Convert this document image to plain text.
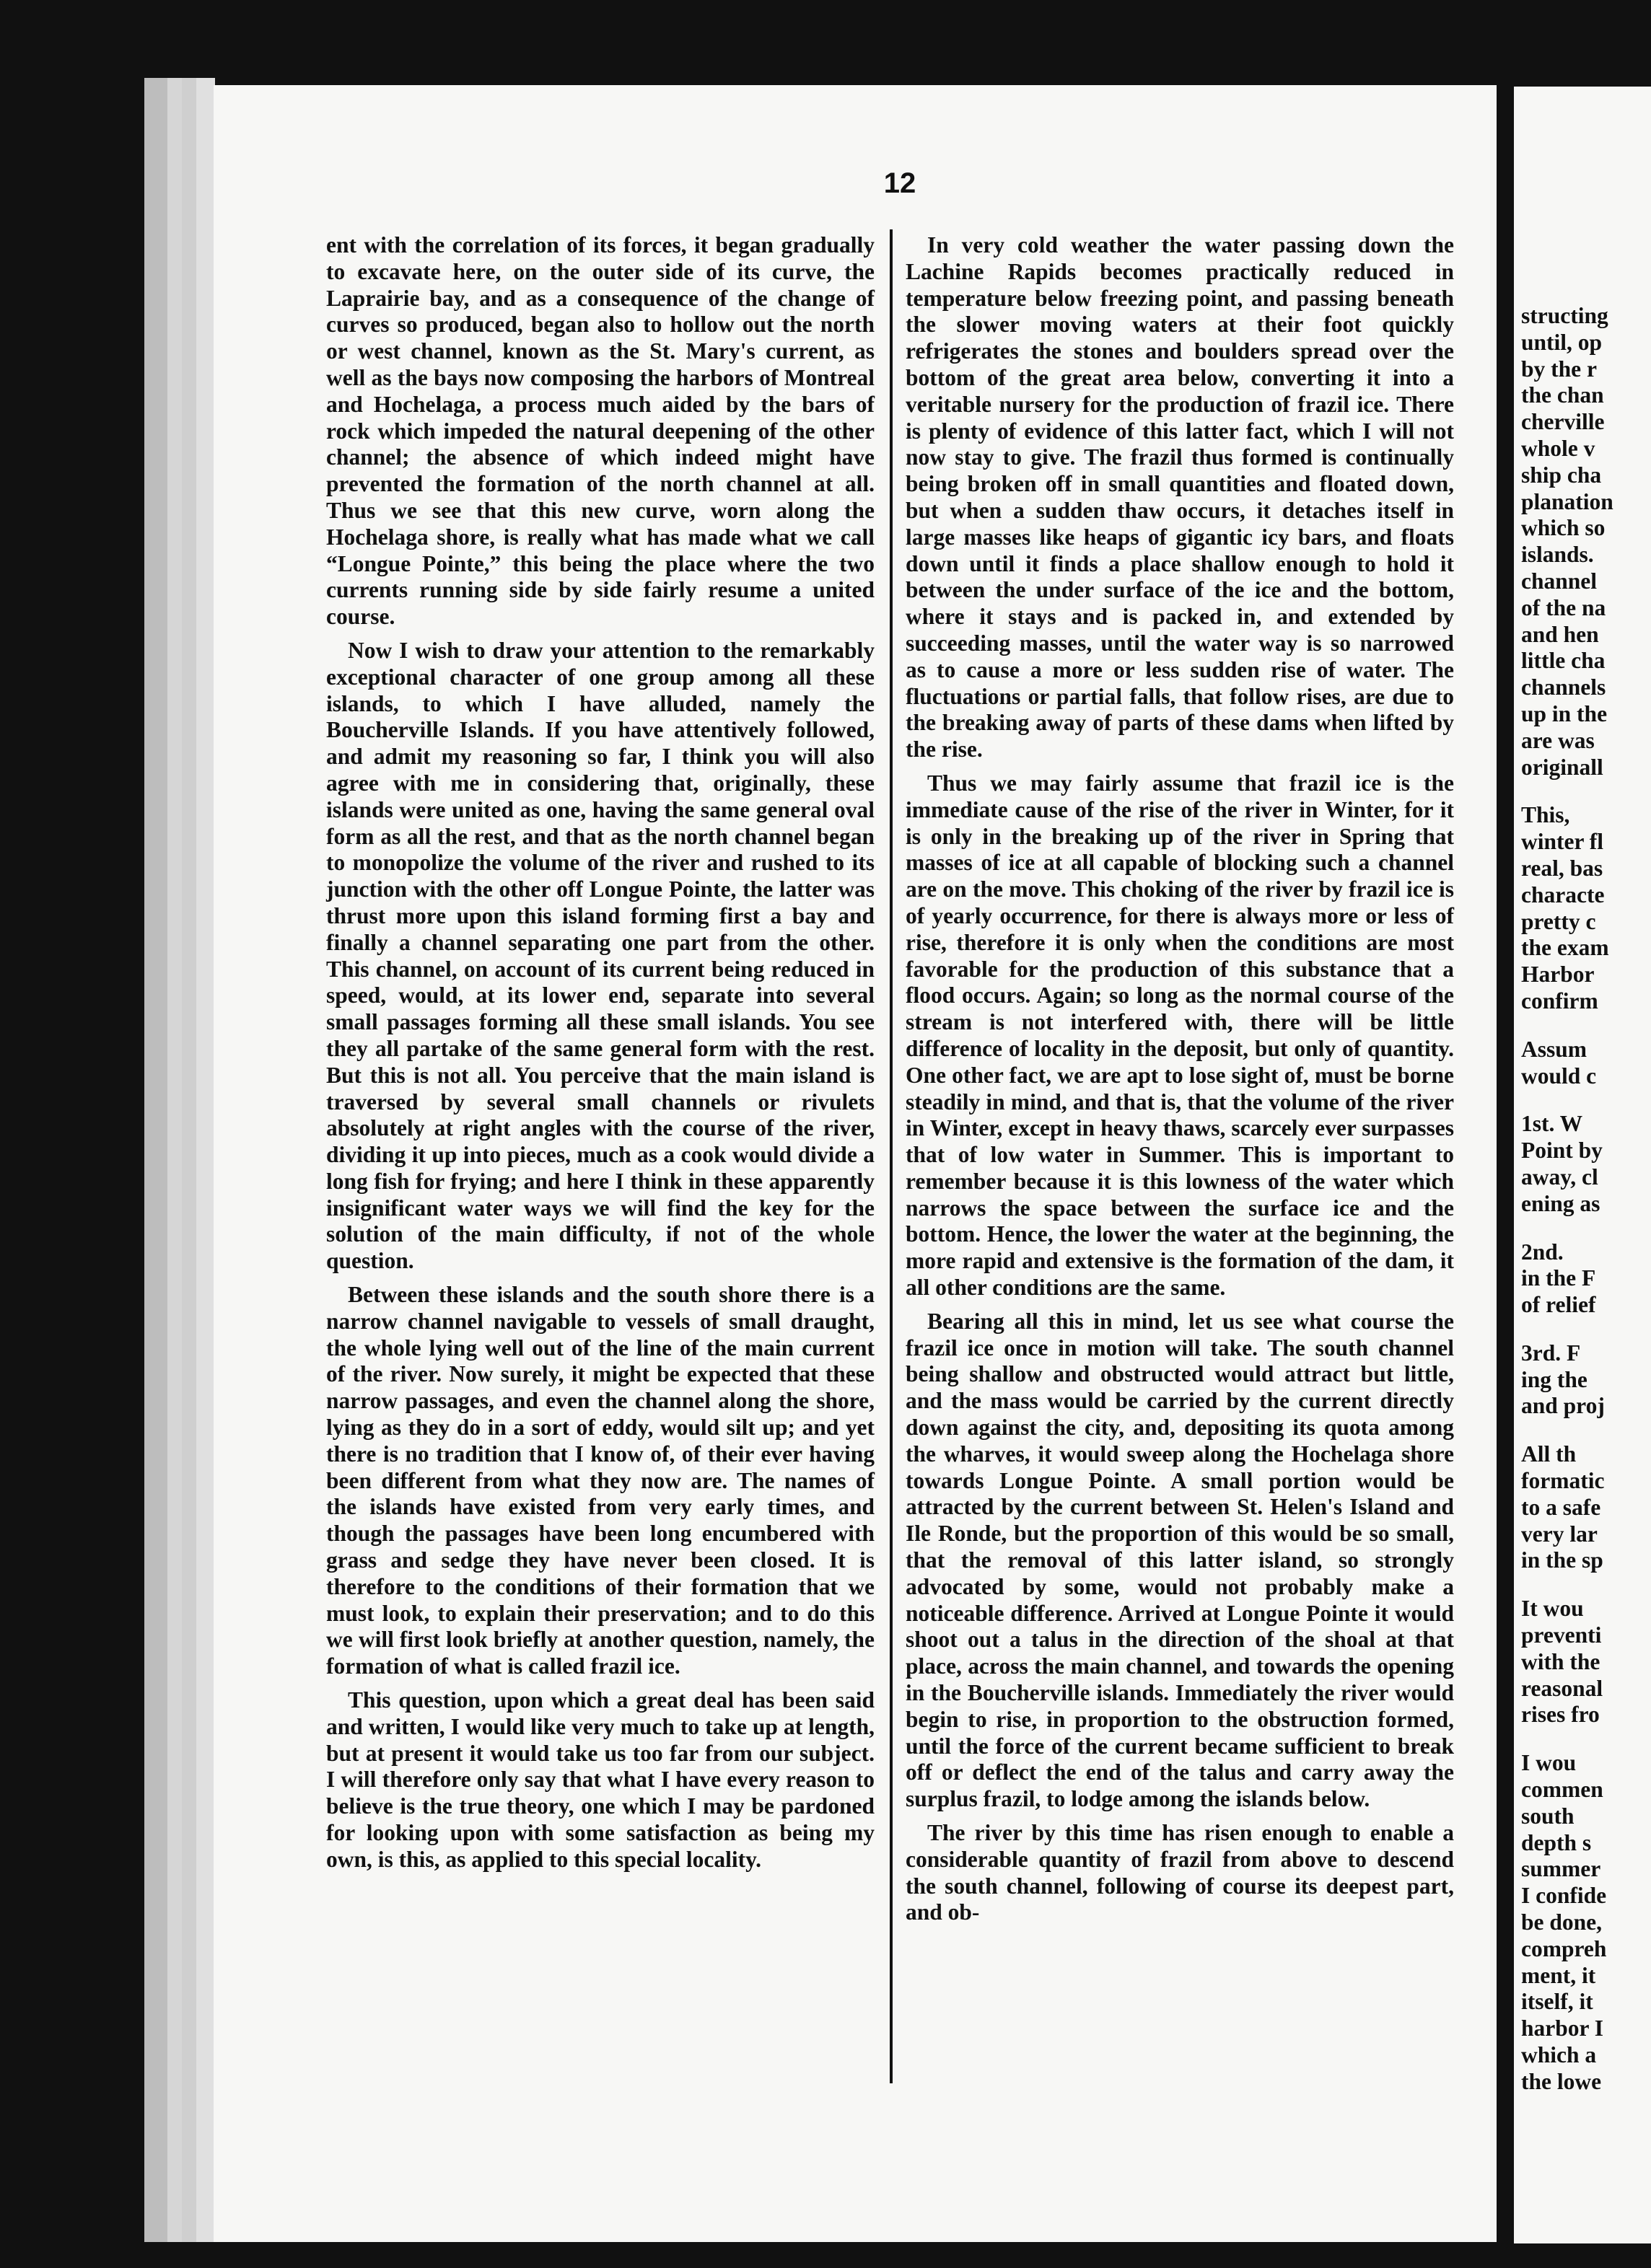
12

ent with the correlation of its forces, it began gradually to excavate here, on the outer side of its curve, the Laprairie bay, and as a consequence of the change of curves so produced, began also to hollow out the north or west channel, known as the St. Mary's current, as well as the bays now composing the harbors of Montreal and Hochelaga, a process much aided by the bars of rock which impeded the natural deepening of the other channel; the absence of which indeed might have prevented the formation of the north channel at all. Thus we see that this new curve, worn along the Hochelaga shore, is really what has made what we call “Longue Pointe,” this being the place where the two currents running side by side fairly resume a united course.

Now I wish to draw your attention to the remarkably exceptional character of one group among all these islands, to which I have alluded, namely the Boucherville Islands. If you have attentively followed, and admit my reasoning so far, I think you will also agree with me in considering that, originally, these islands were united as one, having the same general oval form as all the rest, and that as the north channel began to monopolize the volume of the river and rushed to its junction with the other off Longue Pointe, the latter was thrust more upon this island forming first a bay and finally a channel separating one part from the other. This channel, on account of its current being reduced in speed, would, at its lower end, separate into several small passages forming all these small islands. You see they all partake of the same general form with the rest. But this is not all. You perceive that the main island is traversed by several small channels or rivulets absolutely at right angles with the course of the river, dividing it up into pieces, much as a cook would divide a long fish for frying; and here I think in these apparently insignificant water ways we will find the key for the solution of the main difficulty, if not of the whole question.

Between these islands and the south shore there is a narrow channel navigable to vessels of small draught, the whole lying well out of the line of the main current of the river. Now surely, it might be expected that these narrow passages, and even the channel along the shore, lying as they do in a sort of eddy, would silt up; and yet there is no tradition that I know of, of their ever having been different from what they now are. The names of the islands have existed from very early times, and though the passages have been long encumbered with grass and sedge they have never been closed. It is therefore to the conditions of their formation that we must look, to explain their preservation; and to do this we will first look briefly at another question, namely, the formation of what is called frazil ice.

This question, upon which a great deal has been said and written, I would like very much to take up at length, but at present it would take us too far from our subject. I will therefore only say that what I have every reason to believe is the true theory, one which I may be pardoned for looking upon with some satisfaction as being my own, is this, as applied to this special locality.

In very cold weather the water passing down the Lachine Rapids becomes practically reduced in temperature below freezing point, and passing beneath the slower moving waters at their foot quickly refrigerates the stones and boulders spread over the bottom of the great area below, converting it into a veritable nursery for the production of frazil ice. There is plenty of evidence of this latter fact, which I will not now stay to give. The frazil thus formed is continually being broken off in small quantities and floated down, but when a sudden thaw occurs, it detaches itself in large masses like heaps of gigantic icy bars, and floats down until it finds a place shallow enough to hold it between the under surface of the ice and the bottom, where it stays and is packed in, and extended by succeeding masses, until the water way is so narrowed as to cause a more or less sudden rise of water. The fluctuations or partial falls, that follow rises, are due to the breaking away of parts of these dams when lifted by the rise.

Thus we may fairly assume that frazil ice is the immediate cause of the rise of the river in Winter, for it is only in the breaking up of the river in Spring that masses of ice at all capable of blocking such a channel are on the move. This choking of the river by frazil ice is of yearly occurrence, for there is always more or less of rise, therefore it is only when the conditions are most favorable for the production of this substance that a flood occurs. Again; so long as the normal course of the stream is not interfered with, there will be little difference of locality in the deposit, but only of quantity. One other fact, we are apt to lose sight of, must be borne steadily in mind, and that is, that the volume of the river in Winter, except in heavy thaws, scarcely ever surpasses that of low water in Summer. This is important to remember because it is this lowness of the water which narrows the space between the surface ice and the bottom. Hence, the lower the water at the beginning, the more rapid and extensive is the formation of the dam, it all other conditions are the same.

Bearing all this in mind, let us see what course the frazil ice once in motion will take. The south channel being shallow and obstructed would attract but little, and the mass would be carried by the current directly down against the city, and, depositing its quota among the wharves, it would sweep along the Hochelaga shore towards Longue Pointe. A small portion would be attracted by the current between St. Helen's Island and Ile Ronde, but the proportion of this would be so small, that the removal of this latter island, so strongly advocated by some, would not probably make a noticeable difference. Arrived at Longue Pointe it would shoot out a talus in the direction of the shoal at that place, across the main channel, and towards the opening in the Boucherville islands. Immediately the river would begin to rise, in proportion to the obstruction formed, until the force of the current became sufficient to break off or deflect the end of the talus and carry away the surplus frazil, to lodge among the islands below.

The river by this time has risen enough to enable a considerable quantity of frazil from above to descend the south channel, following of course its deepest part, and ob-

structing
until, op
by the r
the chan
cherville
whole v
ship cha
planation
which so
islands.
channel
of the na
and hen
little cha
channels
up in the
are was
originall
This,
winter fl
real, bas
characte
pretty c
the exam
Harbor
confirm
Assum
would c
1st. W
Point by
away, cl
ening as
2nd.
in the F
of relief
3rd. F
ing the
and proj
All th
formatic
to a safe
very lar
in the sp
It wou
preventi
with the
reasonal
rises fro
I wou
commen
south
depth s
summer
I confide
be done,
compreh
ment, it
itself, it
harbor I
which a
the lowe
